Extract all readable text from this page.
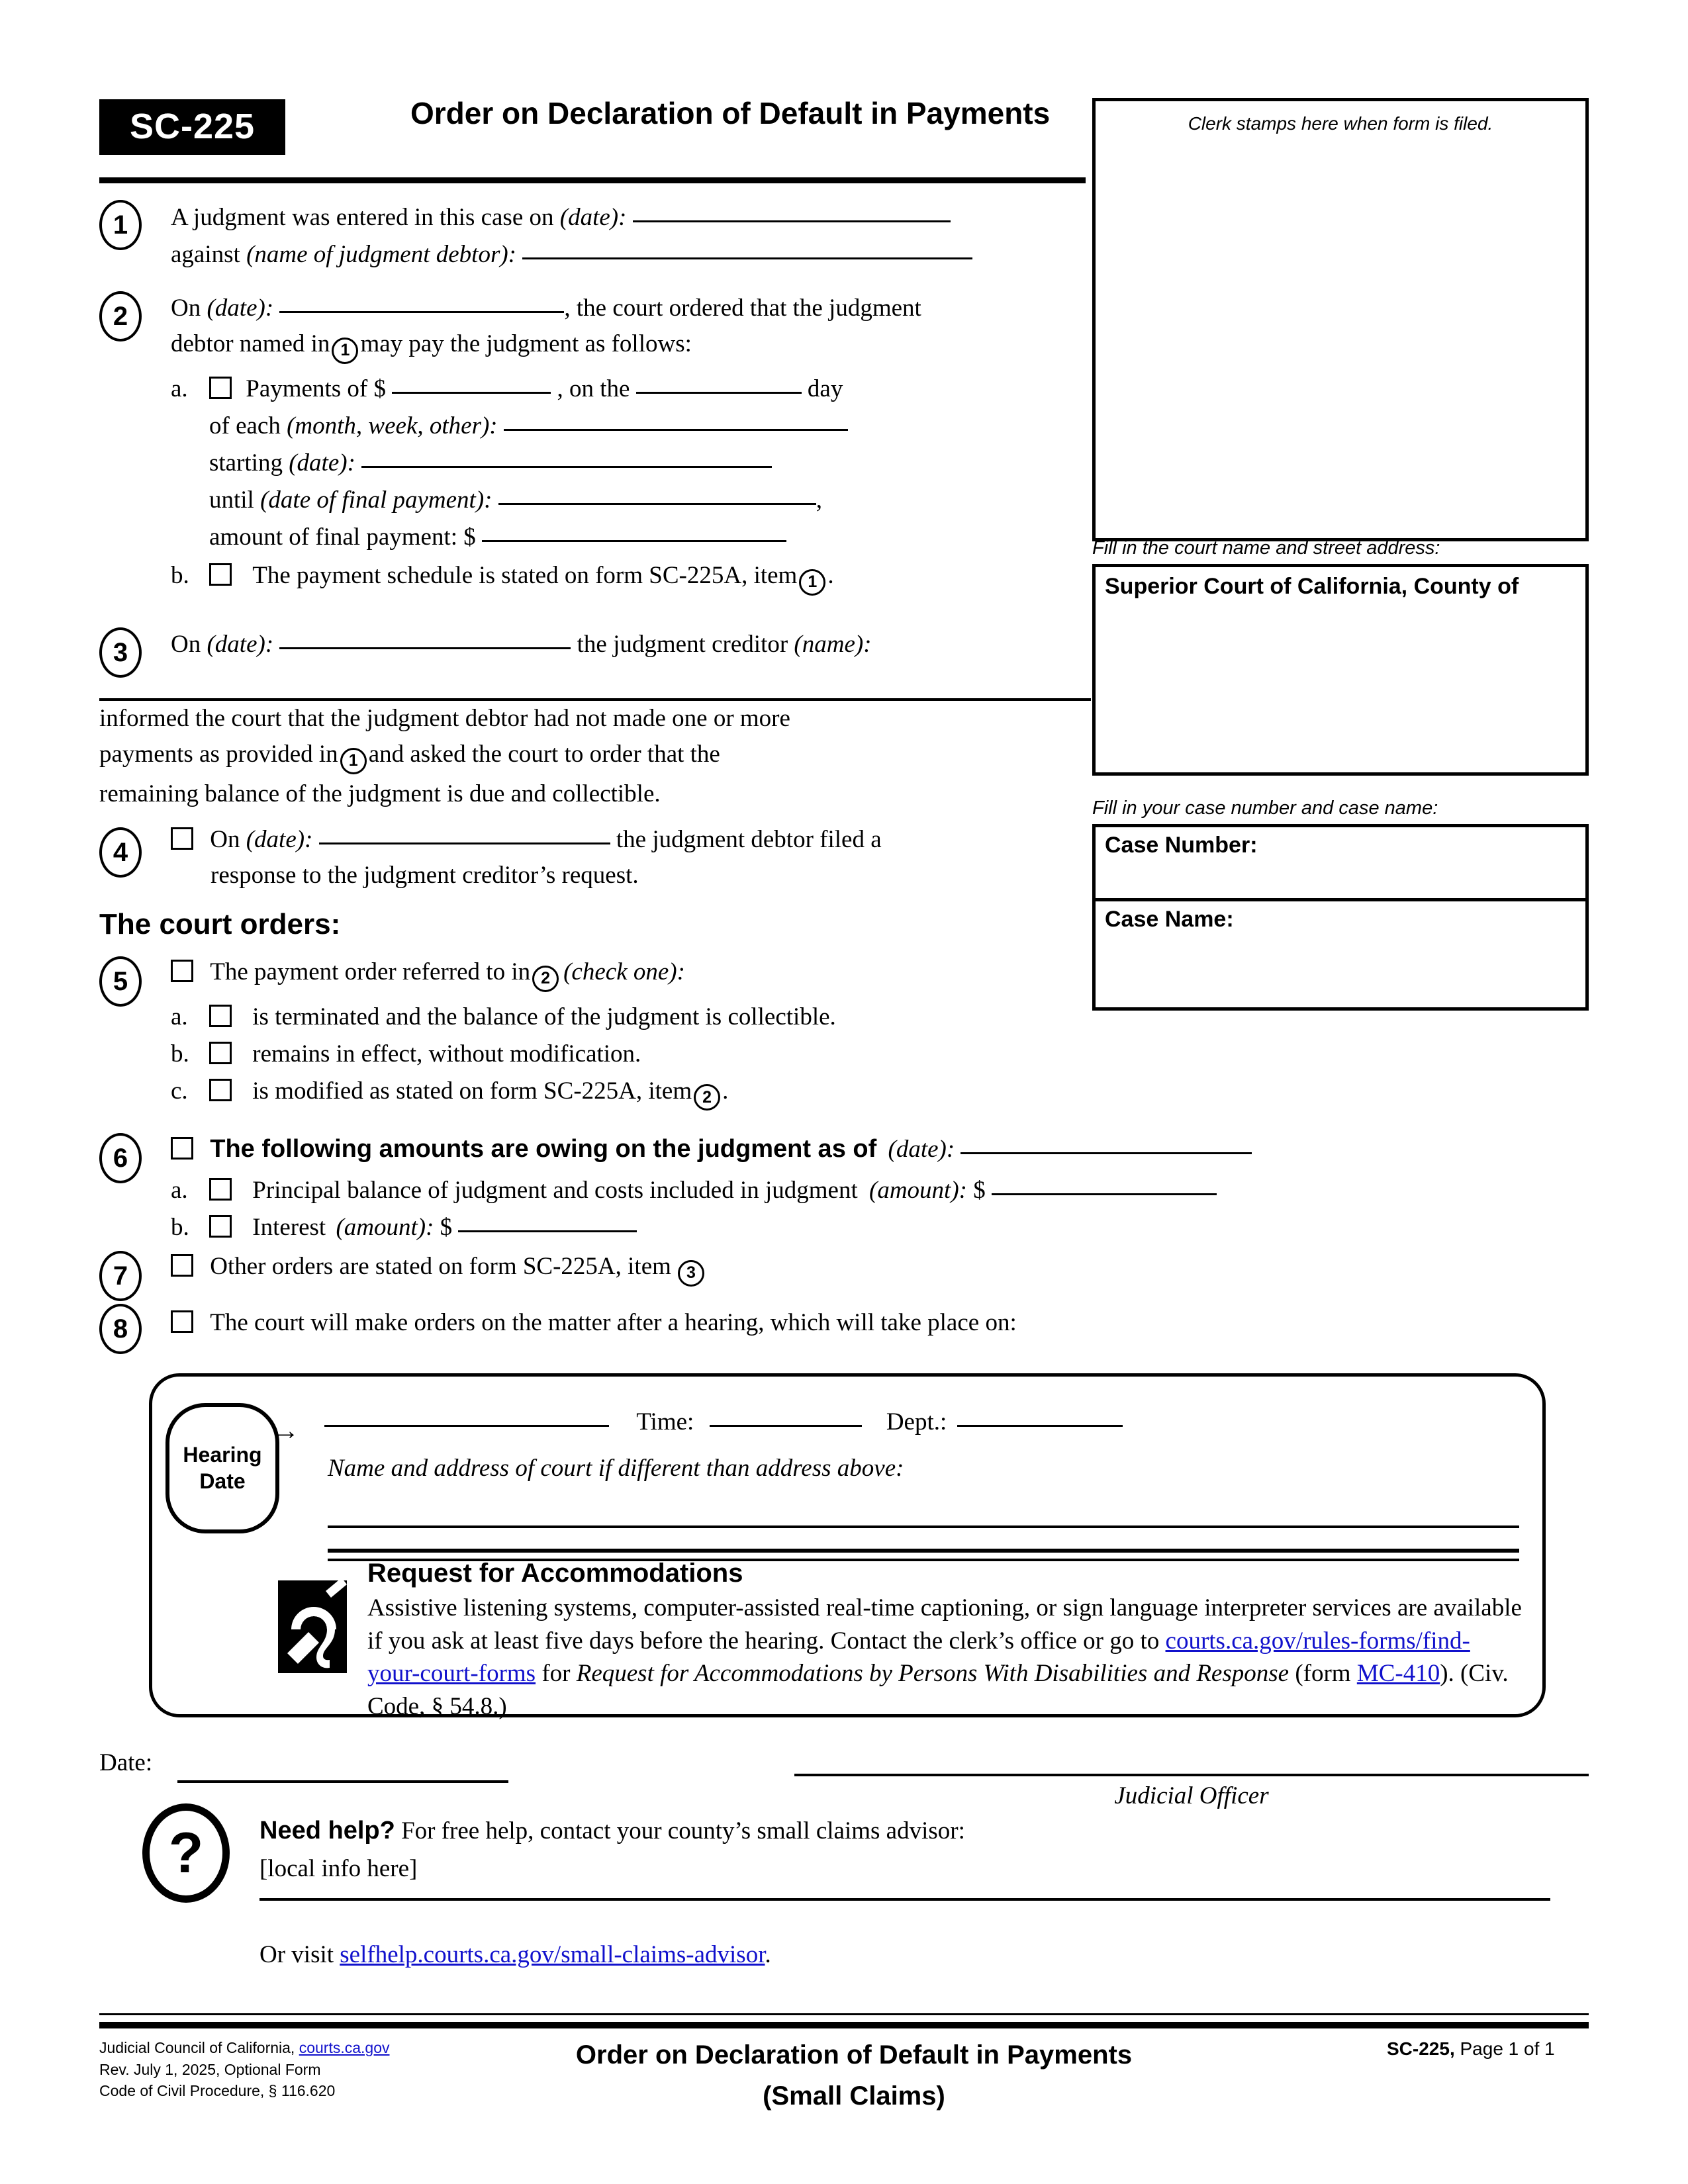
SC-225	Order on Declaration of Default in Payments	Clerk stamps here when form is filed.
Fill in the court name and street address:
Superior Court of California, County of
Fill in your case number and case name:
Case Number:
Case Name:
1	A judgment was entered in this case on (date):
against (name of judgment debtor):
2	On (date):	, the court ordered that the judgment
debtor named in 1 may pay the judgment as follows:
a. Payments of $	, on the	day
of each (month, week, other):
starting (date):
until (date of final payment):	,
amount of final payment: $
b.	The payment schedule is stated on form SC-225A, item 1 .
3	On (date):	the judgment creditor (name):
informed the court that the judgment debtor had not made one or more
payments as provided in 1 and asked the court to order that the
remaining balance of the judgment is due and collectible.
4	On (date):	the judgment debtor filed a
response to the judgment creditor’s request.
The court orders:
5	The payment order referred to in 2 (check one):
a.	is terminated and the balance of the judgment is collectible.
b.	remains in effect, without modification.
c.	is modified as stated on form SC-225A, item 2 .
6	The following amounts are owing on the judgment as of (date):
a.	Principal balance of judgment and costs included in judgment (amount): $
b.	Interest (amount): $
7	Other orders are stated on form SC-225A, item 3
8	The court will make orders on the matter after a hearing, which will take place on:
Hearing
Date
→	Time:	Dept.:
Name and address of court if different than address above:
Request for Accommodations
Assistive listening systems, computer-assisted real-time captioning, or sign language interpreter services are available if you ask at least five days before the hearing. Contact the clerk’s office or go to courts.ca.gov/rules-forms/find-your-court-forms for Request for Accommodations by Persons With Disabilities and Response (form MC-410). (Civ. Code, § 54.8.)
Date:
Judicial Officer
?	Need help? For free help, contact your county’s small claims advisor:
[local info here]
Or visit selfhelp.courts.ca.gov/small-claims-advisor.
Judicial Council of California, courts.ca.gov
Rev. July 1, 2025, Optional Form
Code of Civil Procedure, § 116.620
Order on Declaration of Default in Payments
(Small Claims)
SC-225, Page 1 of 1
